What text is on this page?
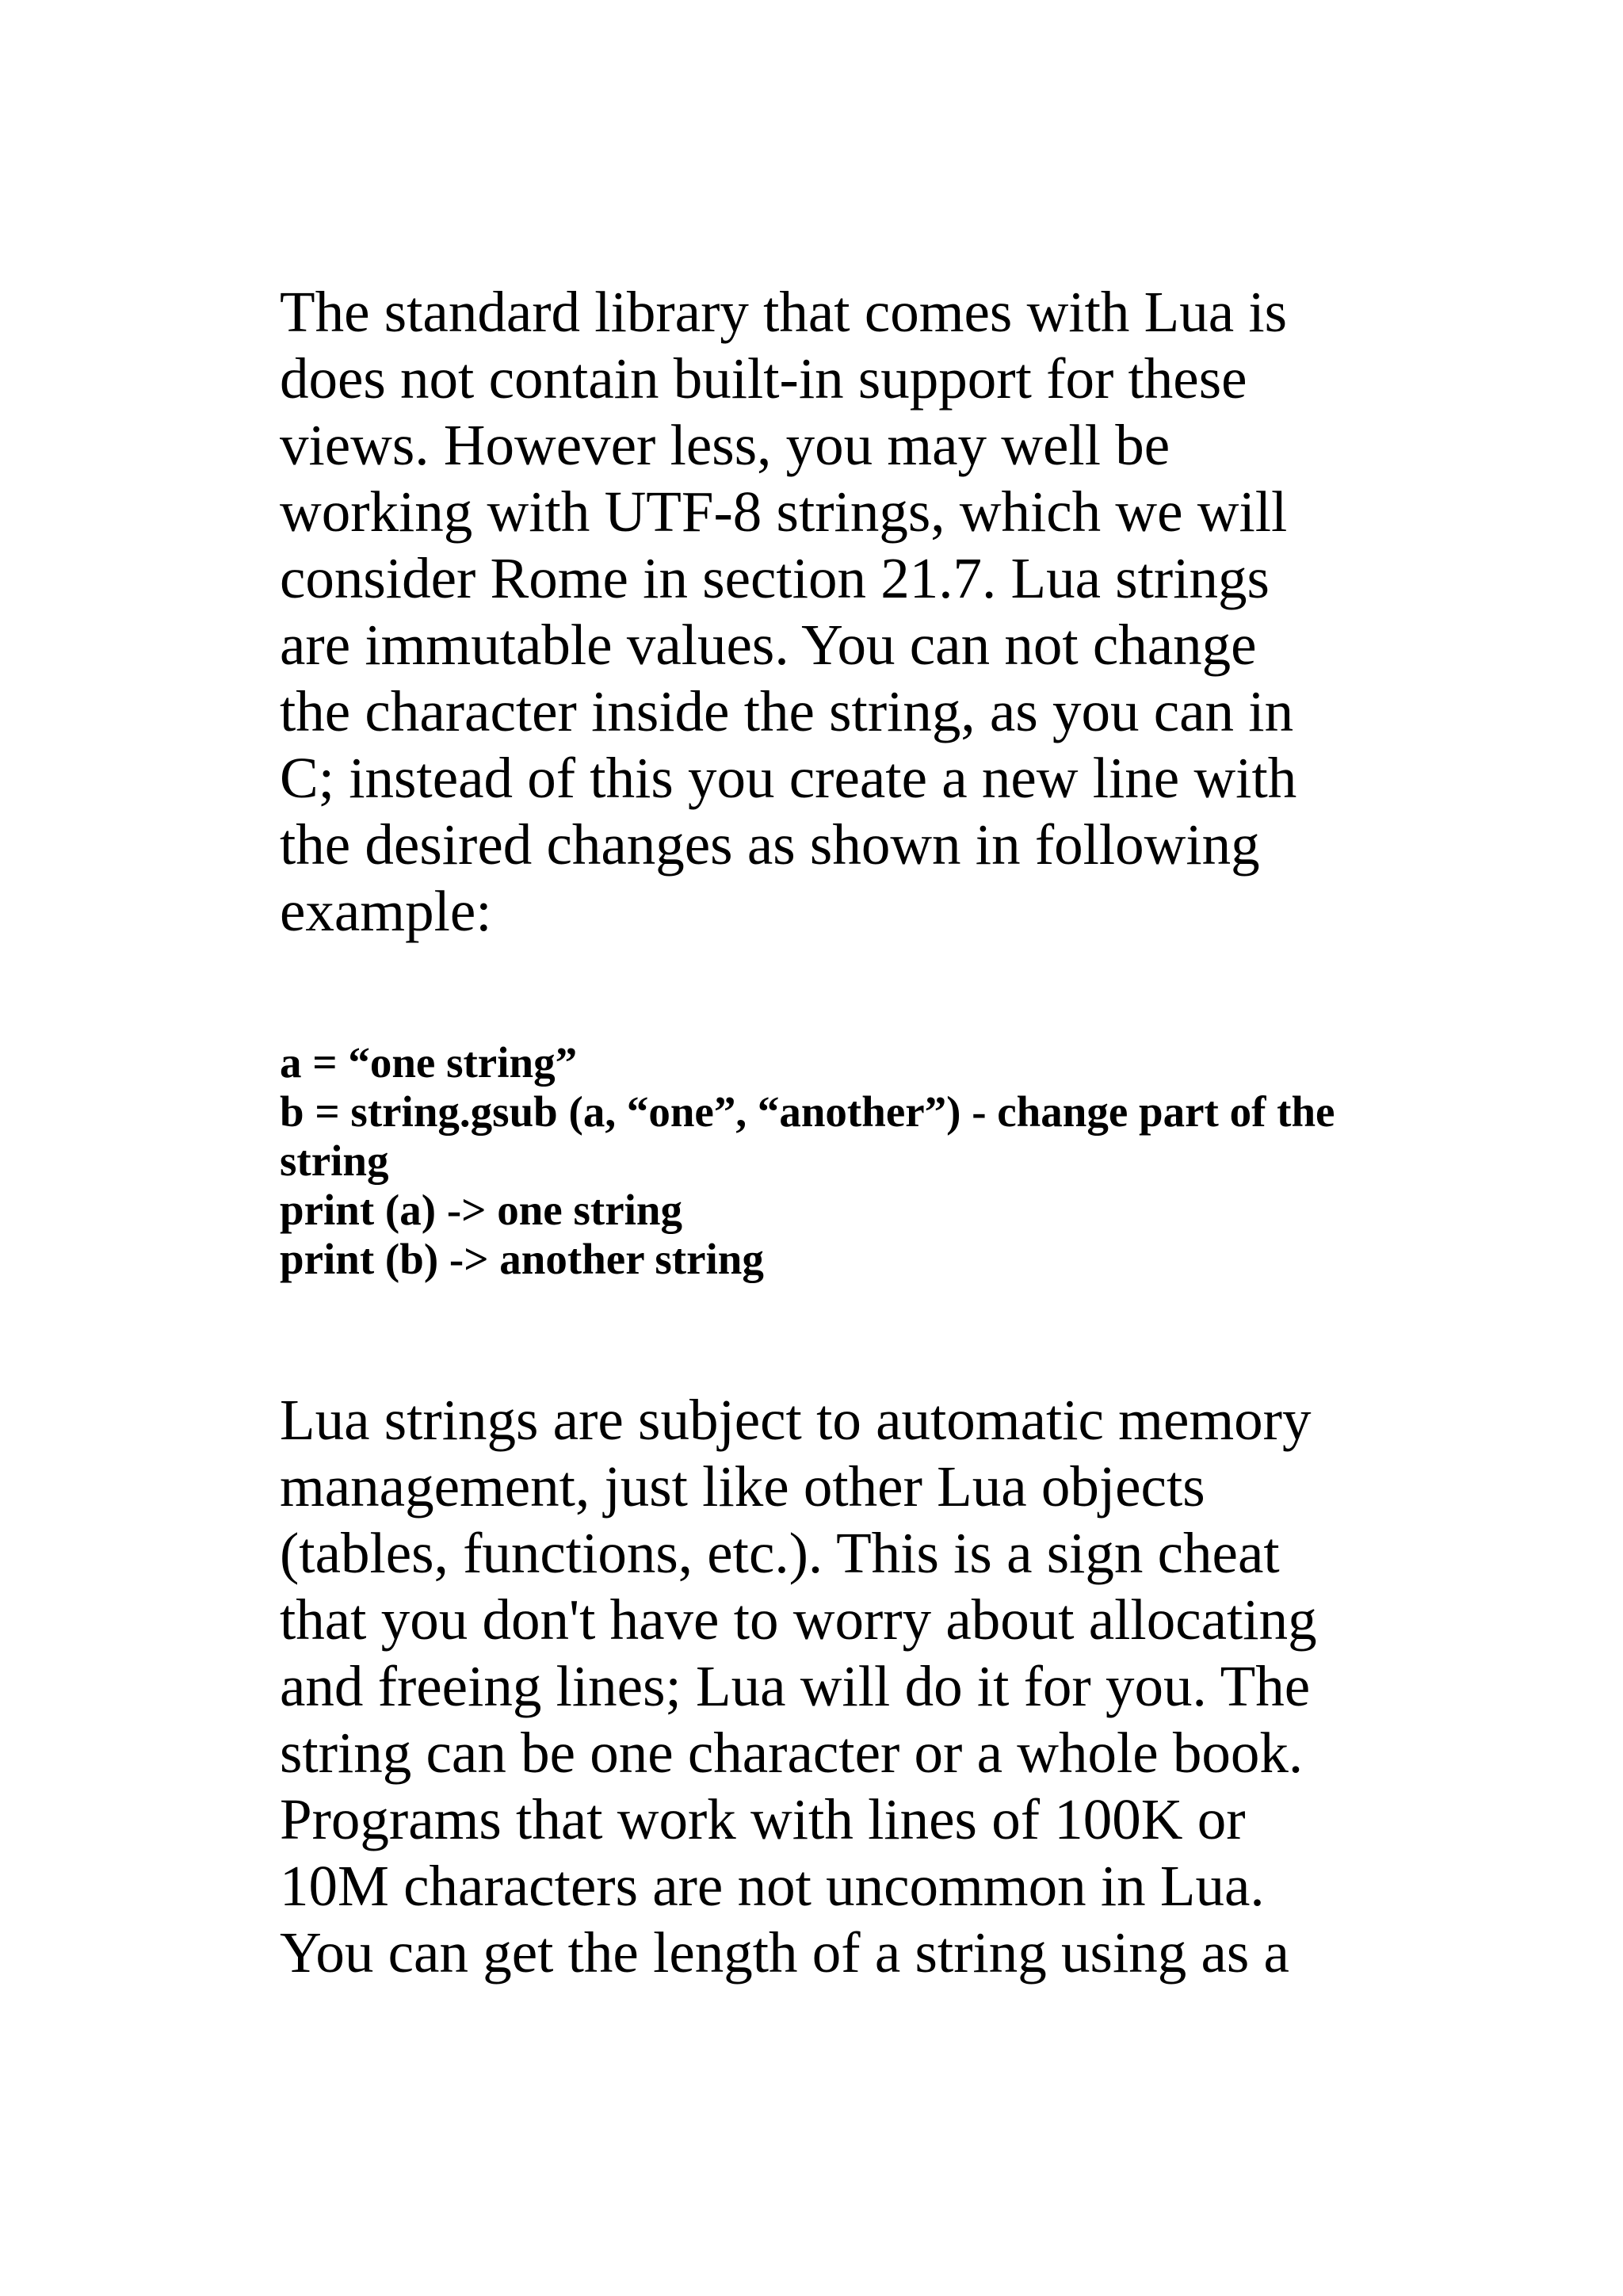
The standard library that comes with Lua is

does not contain built-in support for these

views. However less, you may well be

working with UTF-8 strings, which we will

consider Rome in section 21.7. Lua strings

are immutable values. You can not change

the character inside the string, as you can in

C; instead of this you create a new line with

the desired changes as shown in following

example:

a = “one string”

b = string.gsub (a, “one”, “another”) - change part of the

string

print (a) -> one string

print (b) -> another string

Lua strings are subject to automatic memory

management, just like other Lua objects

(tables, functions, etc.). This is a sign cheat

that you don't have to worry about allocating

and freeing lines; Lua will do it for you. The

string can be one character or a whole book.

Programs that work with lines of 100K or

10M characters are not uncommon in Lua.

You can get the length of a string using as a
